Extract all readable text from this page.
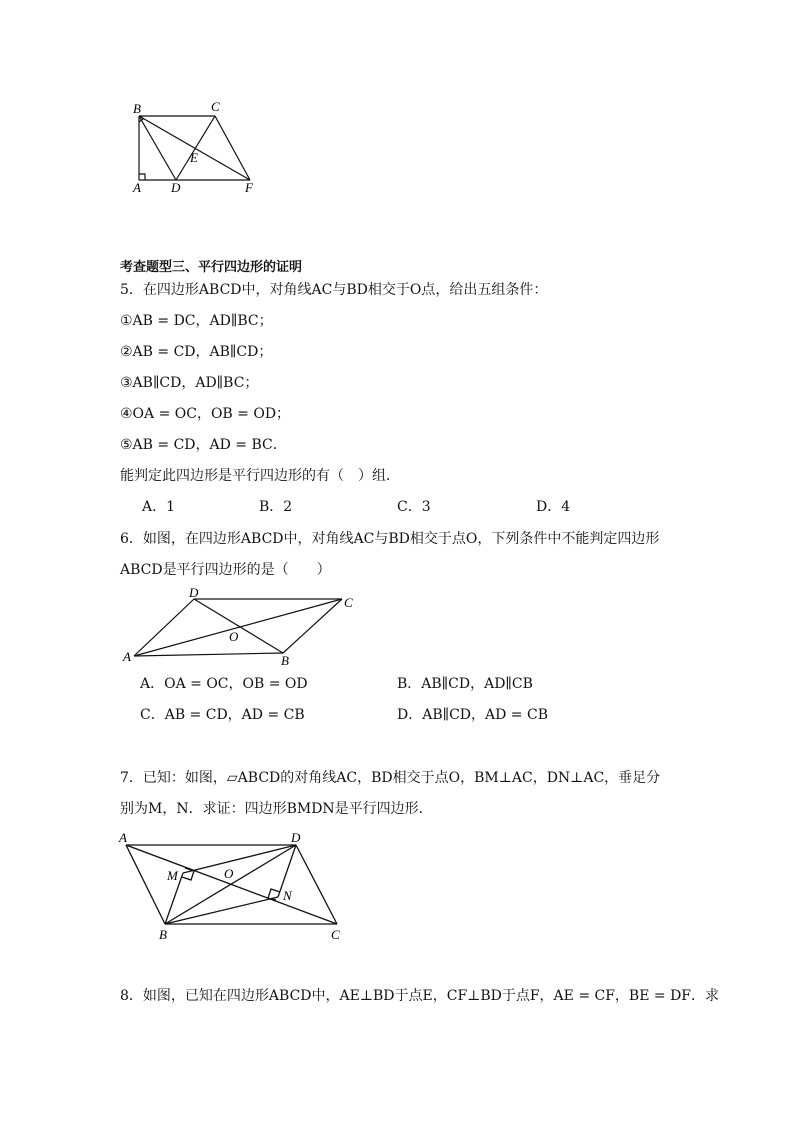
B	C
E
A D	F
考查题型三、平行四边形的证明
5．在四边形ABCD中，对角线AC与BD相交于O点，给出五组条件：
①AB = DC，AD∥BC；
②AB = CD，AB∥CD；
③AB∥CD，AD∥BC；
④OA = OC，OB = OD；
⑤AB = CD，AD = BC．
能判定此四边形是平行四边形的有（　）组．
A．1	B．2	C．3	D．4
6．如图，在四边形ABCD中，对角线AC与BD相交于点O，下列条件中不能判定四边形
ABCD是平行四边形的是（　　）
D
C
O
A	B
A．OA = OC，OB = OD	B．AB∥CD，AD∥CB
C．AB = CD，AD = CB	D．AB∥CD，AD = CB
7．已知：如图，▱ABCD的对角线AC，BD相交于点O，BM⊥AC，DN⊥AC，垂足分
别为M，N．求证：四边形BMDN是平行四边形．
A	D
M	O
N
B	C
8．如图，已知在四边形ABCD中，AE⊥BD于点E，CF⊥BD于点F，AE = CF，BE = DF．求
